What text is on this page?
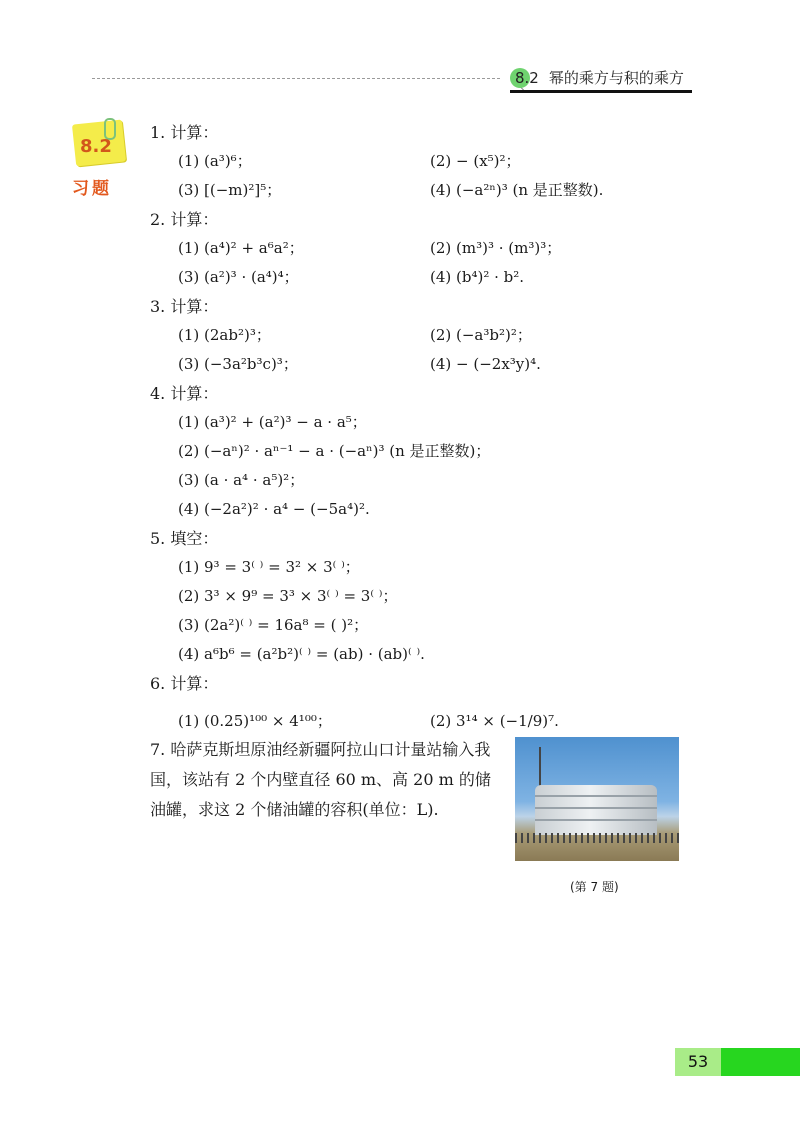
8.2 幂的乘方与积的乘方
8.2
习题
1. 计算：
(1) (a³)⁶；	(2) − (x⁵)²；
(3) [(−m)²]⁵；	(4) (−a²ⁿ)³ (n 是正整数).
2. 计算：
(1) (a⁴)² + a⁶a²；	(2) (m³)³ · (m³)³；
(3) (a²)³ · (a⁴)⁴；	(4) (b⁴)² · b².
3. 计算：
(1) (2ab²)³；	(2) (−a³b²)²；
(3) (−3a²b³c)³；	(4) − (−2x³y)⁴.
4. 计算：
(1) (a³)² + (a²)³ − a · a⁵；
(2) (−aⁿ)² · aⁿ⁻¹ − a · (−aⁿ)³ (n 是正整数)；
(3) (a · a⁴ · a⁵)²；
(4) (−2a²)² · a⁴ − (−5a⁴)².
5. 填空：
(1) 9³ = 3⁽ ⁾ = 3² × 3⁽ ⁾；
(2) 3³ × 9⁹ = 3³ × 3⁽ ⁾ = 3⁽ ⁾；
(3) (2a²)⁽ ⁾ = 16a⁸ = ( )²；
(4) a⁶b⁶ = (a²b²)⁽ ⁾ = (ab) · (ab)⁽ ⁾.
6. 计算：
(1) (0.25)¹⁰⁰ × 4¹⁰⁰；	(2) 3¹⁴ × (−1/9)⁷.
7. 哈萨克斯坦原油经新疆阿拉山口计量站输入我国，该站有 2 个内壁直径 60 m、高 20 m 的储油罐，求这 2 个储油罐的容积(单位：L).
(第 7 题)
53
